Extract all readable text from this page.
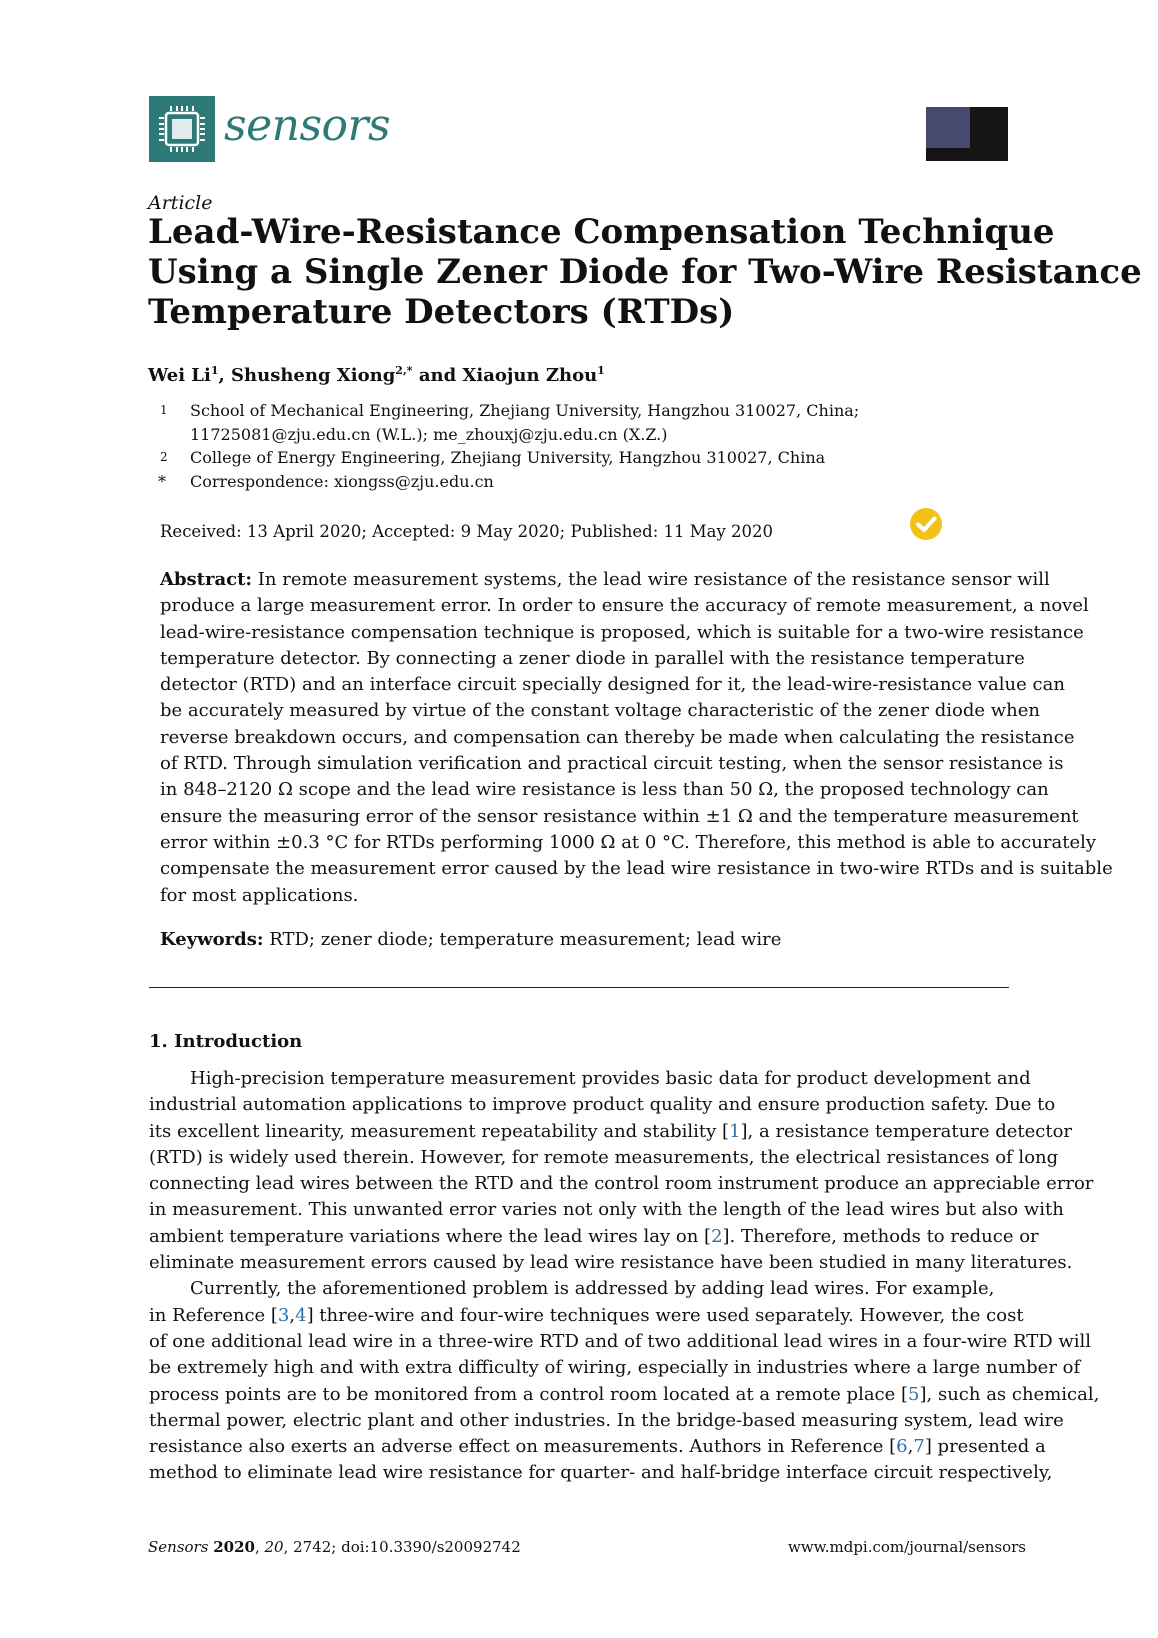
sensors
Article
Lead-Wire-Resistance Compensation Technique
Using a Single Zener Diode for Two-Wire Resistance
Temperature Detectors (RTDs)
Wei Li$^1$, Shusheng Xiong$^{2,*}$ and Xiaojun Zhou$^1$
1	School of Mechanical Engineering, Zhejiang University, Hangzhou 310027, China;
11725081@zju.edu.cn (W.L.); me_zhouxj@zju.edu.cn (X.Z.)
2	College of Energy Engineering, Zhejiang University, Hangzhou 310027, China
*	Correspondence: xiongss@zju.edu.cn
Received: 13 April 2020; Accepted: 9 May 2020; Published: 11 May 2020
Abstract: In remote measurement systems, the lead wire resistance of the resistance sensor will
produce a large measurement error. In order to ensure the accuracy of remote measurement, a novel
lead-wire-resistance compensation technique is proposed, which is suitable for a two-wire resistance
temperature detector. By connecting a zener diode in parallel with the resistance temperature
detector (RTD) and an interface circuit specially designed for it, the lead-wire-resistance value can
be accurately measured by virtue of the constant voltage characteristic of the zener diode when
reverse breakdown occurs, and compensation can thereby be made when calculating the resistance
of RTD. Through simulation verification and practical circuit testing, when the sensor resistance is
in 848–2120 Ω scope and the lead wire resistance is less than 50 Ω, the proposed technology can
ensure the measuring error of the sensor resistance within ±1 Ω and the temperature measurement
error within ±0.3 °C for RTDs performing 1000 Ω at 0 °C. Therefore, this method is able to accurately
compensate the measurement error caused by the lead wire resistance in two-wire RTDs and is suitable
for most applications.
Keywords: RTD; zener diode; temperature measurement; lead wire
1. Introduction
High-precision temperature measurement provides basic data for product development and
industrial automation applications to improve product quality and ensure production safety. Due to
its excellent linearity, measurement repeatability and stability [1], a resistance temperature detector
(RTD) is widely used therein. However, for remote measurements, the electrical resistances of long
connecting lead wires between the RTD and the control room instrument produce an appreciable error
in measurement. This unwanted error varies not only with the length of the lead wires but also with
ambient temperature variations where the lead wires lay on [2]. Therefore, methods to reduce or
eliminate measurement errors caused by lead wire resistance have been studied in many literatures.
Currently, the aforementioned problem is addressed by adding lead wires. For example,
in Reference [3,4] three-wire and four-wire techniques were used separately. However, the cost
of one additional lead wire in a three-wire RTD and of two additional lead wires in a four-wire RTD will
be extremely high and with extra difficulty of wiring, especially in industries where a large number of
process points are to be monitored from a control room located at a remote place [5], such as chemical,
thermal power, electric plant and other industries. In the bridge-based measuring system, lead wire
resistance also exerts an adverse effect on measurements. Authors in Reference [6,7] presented a
method to eliminate lead wire resistance for quarter- and half-bridge interface circuit respectively,
Sensors 2020, 20, 2742; doi:10.3390/s20092742	www.mdpi.com/journal/sensors
